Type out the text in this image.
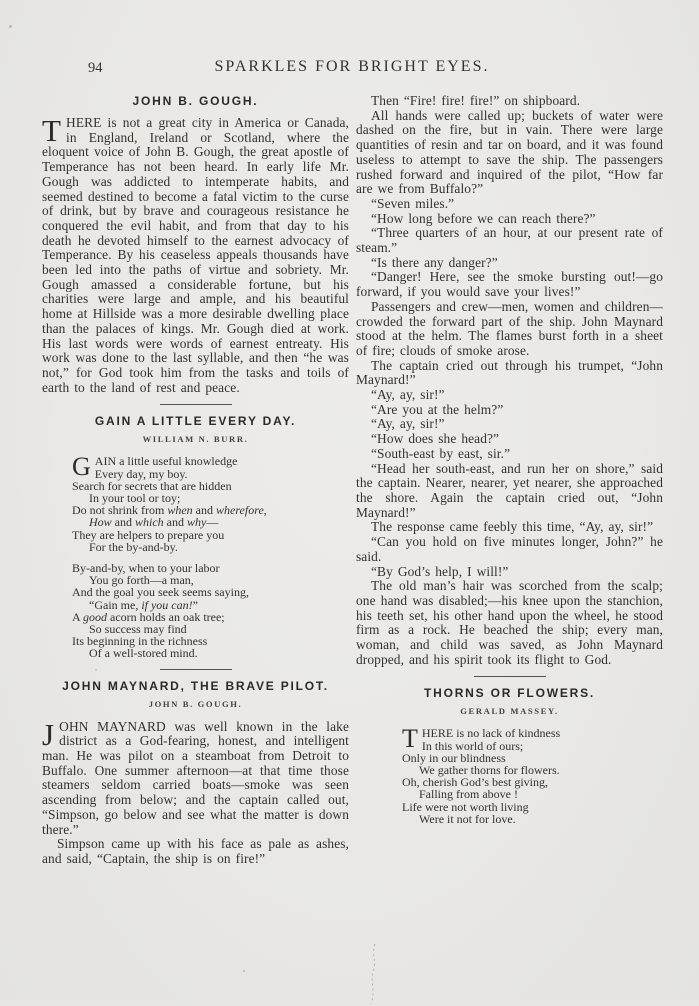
94	SPARKLES FOR BRIGHT EYES.
JOHN B. GOUGH.

THERE is not a great city in America or Canada, in England, Ireland or Scotland, where the eloquent voice of John B. Gough, the great apostle of Temperance has not been heard. In early life Mr. Gough was addicted to intemperate habits, and seemed destined to become a fatal victim to the curse of drink, but by brave and courageous resistance he conquered the evil habit, and from that day to his death he devoted himself to the earnest advocacy of Temperance. By his ceaseless appeals thousands have been led into the paths of virtue and sobriety. Mr. Gough amassed a considerable fortune, but his charities were large and ample, and his beautiful home at Hillside was a more desirable dwelling place than the palaces of kings. Mr. Gough died at work. His last words were words of earnest entreaty. His work was done to the last syllable, and then “he was not,” for God took him from the tasks and toils of earth to the land of rest and peace.

GAIN A LITTLE EVERY DAY.
WILLIAM N. BURR.
GAIN a little useful knowledge
Every day, my boy.
Search for secrets that are hidden
In your tool or toy;
Do not shrink from when and wherefore,
How and which and why—
They are helpers to prepare you
For the by-and-by.
By-and-by, when to your labor
You go forth—a man,
And the goal you seek seems saying,
“Gain me, if you can!”
A good acorn holds an oak tree;
So success may find
Its beginning in the richness
Of a well-stored mind.
JOHN MAYNARD, THE BRAVE PILOT.
JOHN B. GOUGH.

JOHN MAYNARD was well known in the lake district as a God-fearing, honest, and intelligent man. He was pilot on a steamboat from Detroit to Buffalo. One summer afternoon—at that time those steamers seldom carried boats—smoke was seen ascending from below; and the captain called out, “Simpson, go below and see what the matter is down there.”

Simpson came up with his face as pale as ashes, and said, “Captain, the ship is on fire!”

Then “Fire! fire! fire!” on shipboard.

All hands were called up; buckets of water were dashed on the fire, but in vain. There were large quantities of resin and tar on board, and it was found useless to attempt to save the ship. The passengers rushed forward and inquired of the pilot, “How far are we from Buffalo?”

“Seven miles.”

“How long before we can reach there?”

“Three quarters of an hour, at our present rate of steam.”

“Is there any danger?”

“Danger! Here, see the smoke bursting out!—go forward, if you would save your lives!”

Passengers and crew—men, women and children—crowded the forward part of the ship. John Maynard stood at the helm. The flames burst forth in a sheet of fire; clouds of smoke arose.

The captain cried out through his trumpet, “John Maynard!”

“Ay, ay, sir!”

“Are you at the helm?”

“Ay, ay, sir!”

“How does she head?”

“South-east by east, sir.”

“Head her south-east, and run her on shore,” said the captain. Nearer, nearer, yet nearer, she approached the shore. Again the captain cried out, “John Maynard!”

The response came feebly this time, “Ay, ay, sir!”

“Can you hold on five minutes longer, John?” he said.

“By God’s help, I will!”

The old man’s hair was scorched from the scalp; one hand was disabled;—his knee upon the stanchion, his teeth set, his other hand upon the wheel, he stood firm as a rock. He beached the ship; every man, woman, and child was saved, as John Maynard dropped, and his spirit took its flight to God.

THORNS OR FLOWERS.
GERALD MASSEY.
THERE is no lack of kindness
In this world of ours;
Only in our blindness
We gather thorns for flowers.
Oh, cherish God’s best giving,
Falling from above !
Life were not worth living
Were it not for love.
